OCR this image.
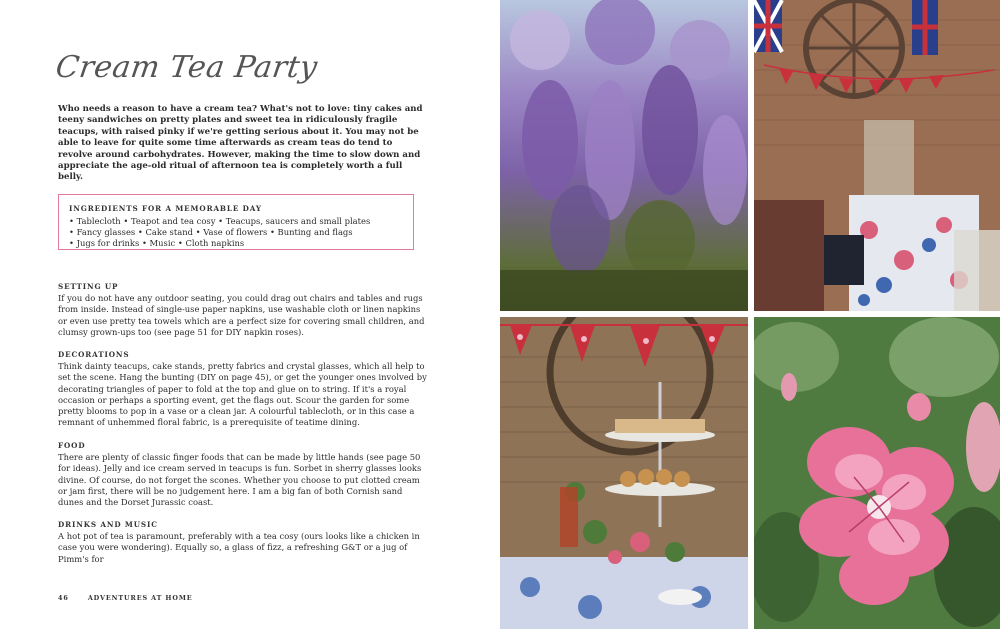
Cream Tea Party
Who needs a reason to have a cream tea? What's not to love: tiny cakes and teeny sandwiches on pretty plates and sweet tea in ridiculously fragile teacups, with raised pinky if we're getting serious about it. You may not be able to leave for quite some time afterwards as cream teas do tend to revolve around carbohydrates. However, making the time to slow down and appreciate the age-old ritual of afternoon tea is completely worth a full belly.
INGREDIENTS FOR A MEMORABLE DAY
• Tablecloth • Teapot and tea cosy • Teacups, saucers and small plates
• Fancy glasses • Cake stand • Vase of flowers • Bunting and flags
• Jugs for drinks • Music • Cloth napkins
SETTING UP
If you do not have any outdoor seating, you could drag out chairs and tables and rugs from inside. Instead of single-use paper napkins, use washable cloth or linen napkins or even use pretty tea towels which are a perfect size for covering small children, and clumsy grown-ups too (see page 51 for DIY napkin roses).
DECORATIONS
Think dainty teacups, cake stands, pretty fabrics and crystal glasses, which all help to set the scene. Hang the bunting (DIY on page 45), or get the younger ones involved by decorating triangles of paper to fold at the top and glue on to string. If it's a royal occasion or perhaps a sporting event, get the flags out. Scour the garden for some pretty blooms to pop in a vase or a clean jar. A colourful tablecloth, or in this case a remnant of unhemmed floral fabric, is a prerequisite of teatime dining.
FOOD
There are plenty of classic finger foods that can be made by little hands (see page 50 for ideas). Jelly and ice cream served in teacups is fun. Sorbet in sherry glasses looks divine. Of course, do not forget the scones. Whether you choose to put clotted cream or jam first, there will be no judgement here. I am a big fan of both Cornish sand dunes and the Dorset Jurassic coast.
DRINKS AND MUSIC
A hot pot of tea is paramount, preferably with a tea cosy (ours looks like a chicken in case you were wondering). Equally so, a glass of fizz, a refreshing G&T or a jug of Pimm's for
46	ADVENTURES AT HOME
